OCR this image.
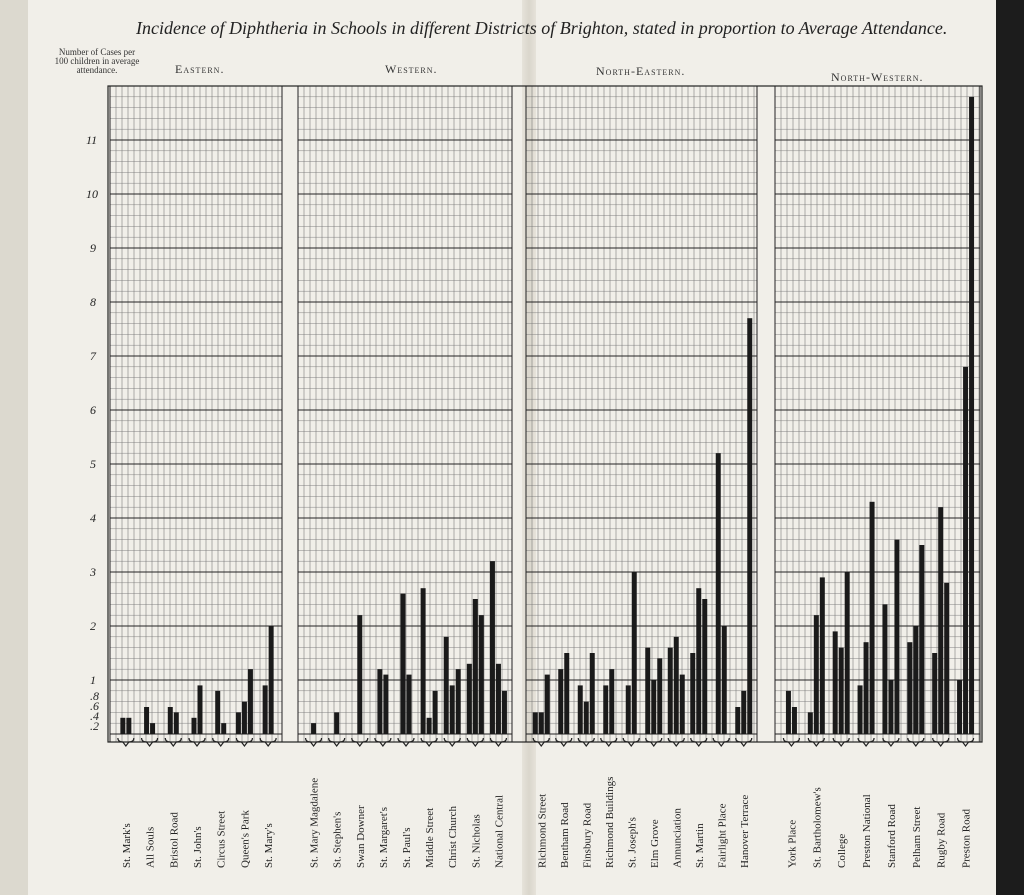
Incidence of Diphtheria in Schools in different Districts of Brighton, stated in proportion to Average Attendance.
Number of Cases per 100 children in average attendance.	Eastern.	Western.	North-Eastern.	North-Western.
.2
.4
.6
.8
1
2
3
4
5
6
7
8
9
10
11
St. Mark's All Souls Bristol Road St. John's Circus Street Queen's Park St. Mary's	St. Mary Magdalene St. Stephen's Swan Downer St. Margaret's St. Paul's Middle Street Christ Church St. Nicholas National Central	Richmond Street Bentham Road Finsbury Road Richmond Buildings St. Joseph's Elm Grove Annunciation St. Martin Fairlight Place Hanover Terrace	York Place St. Bartholomew's College Preston National Stanford Road Pelham Street Rugby Road Preston Road
